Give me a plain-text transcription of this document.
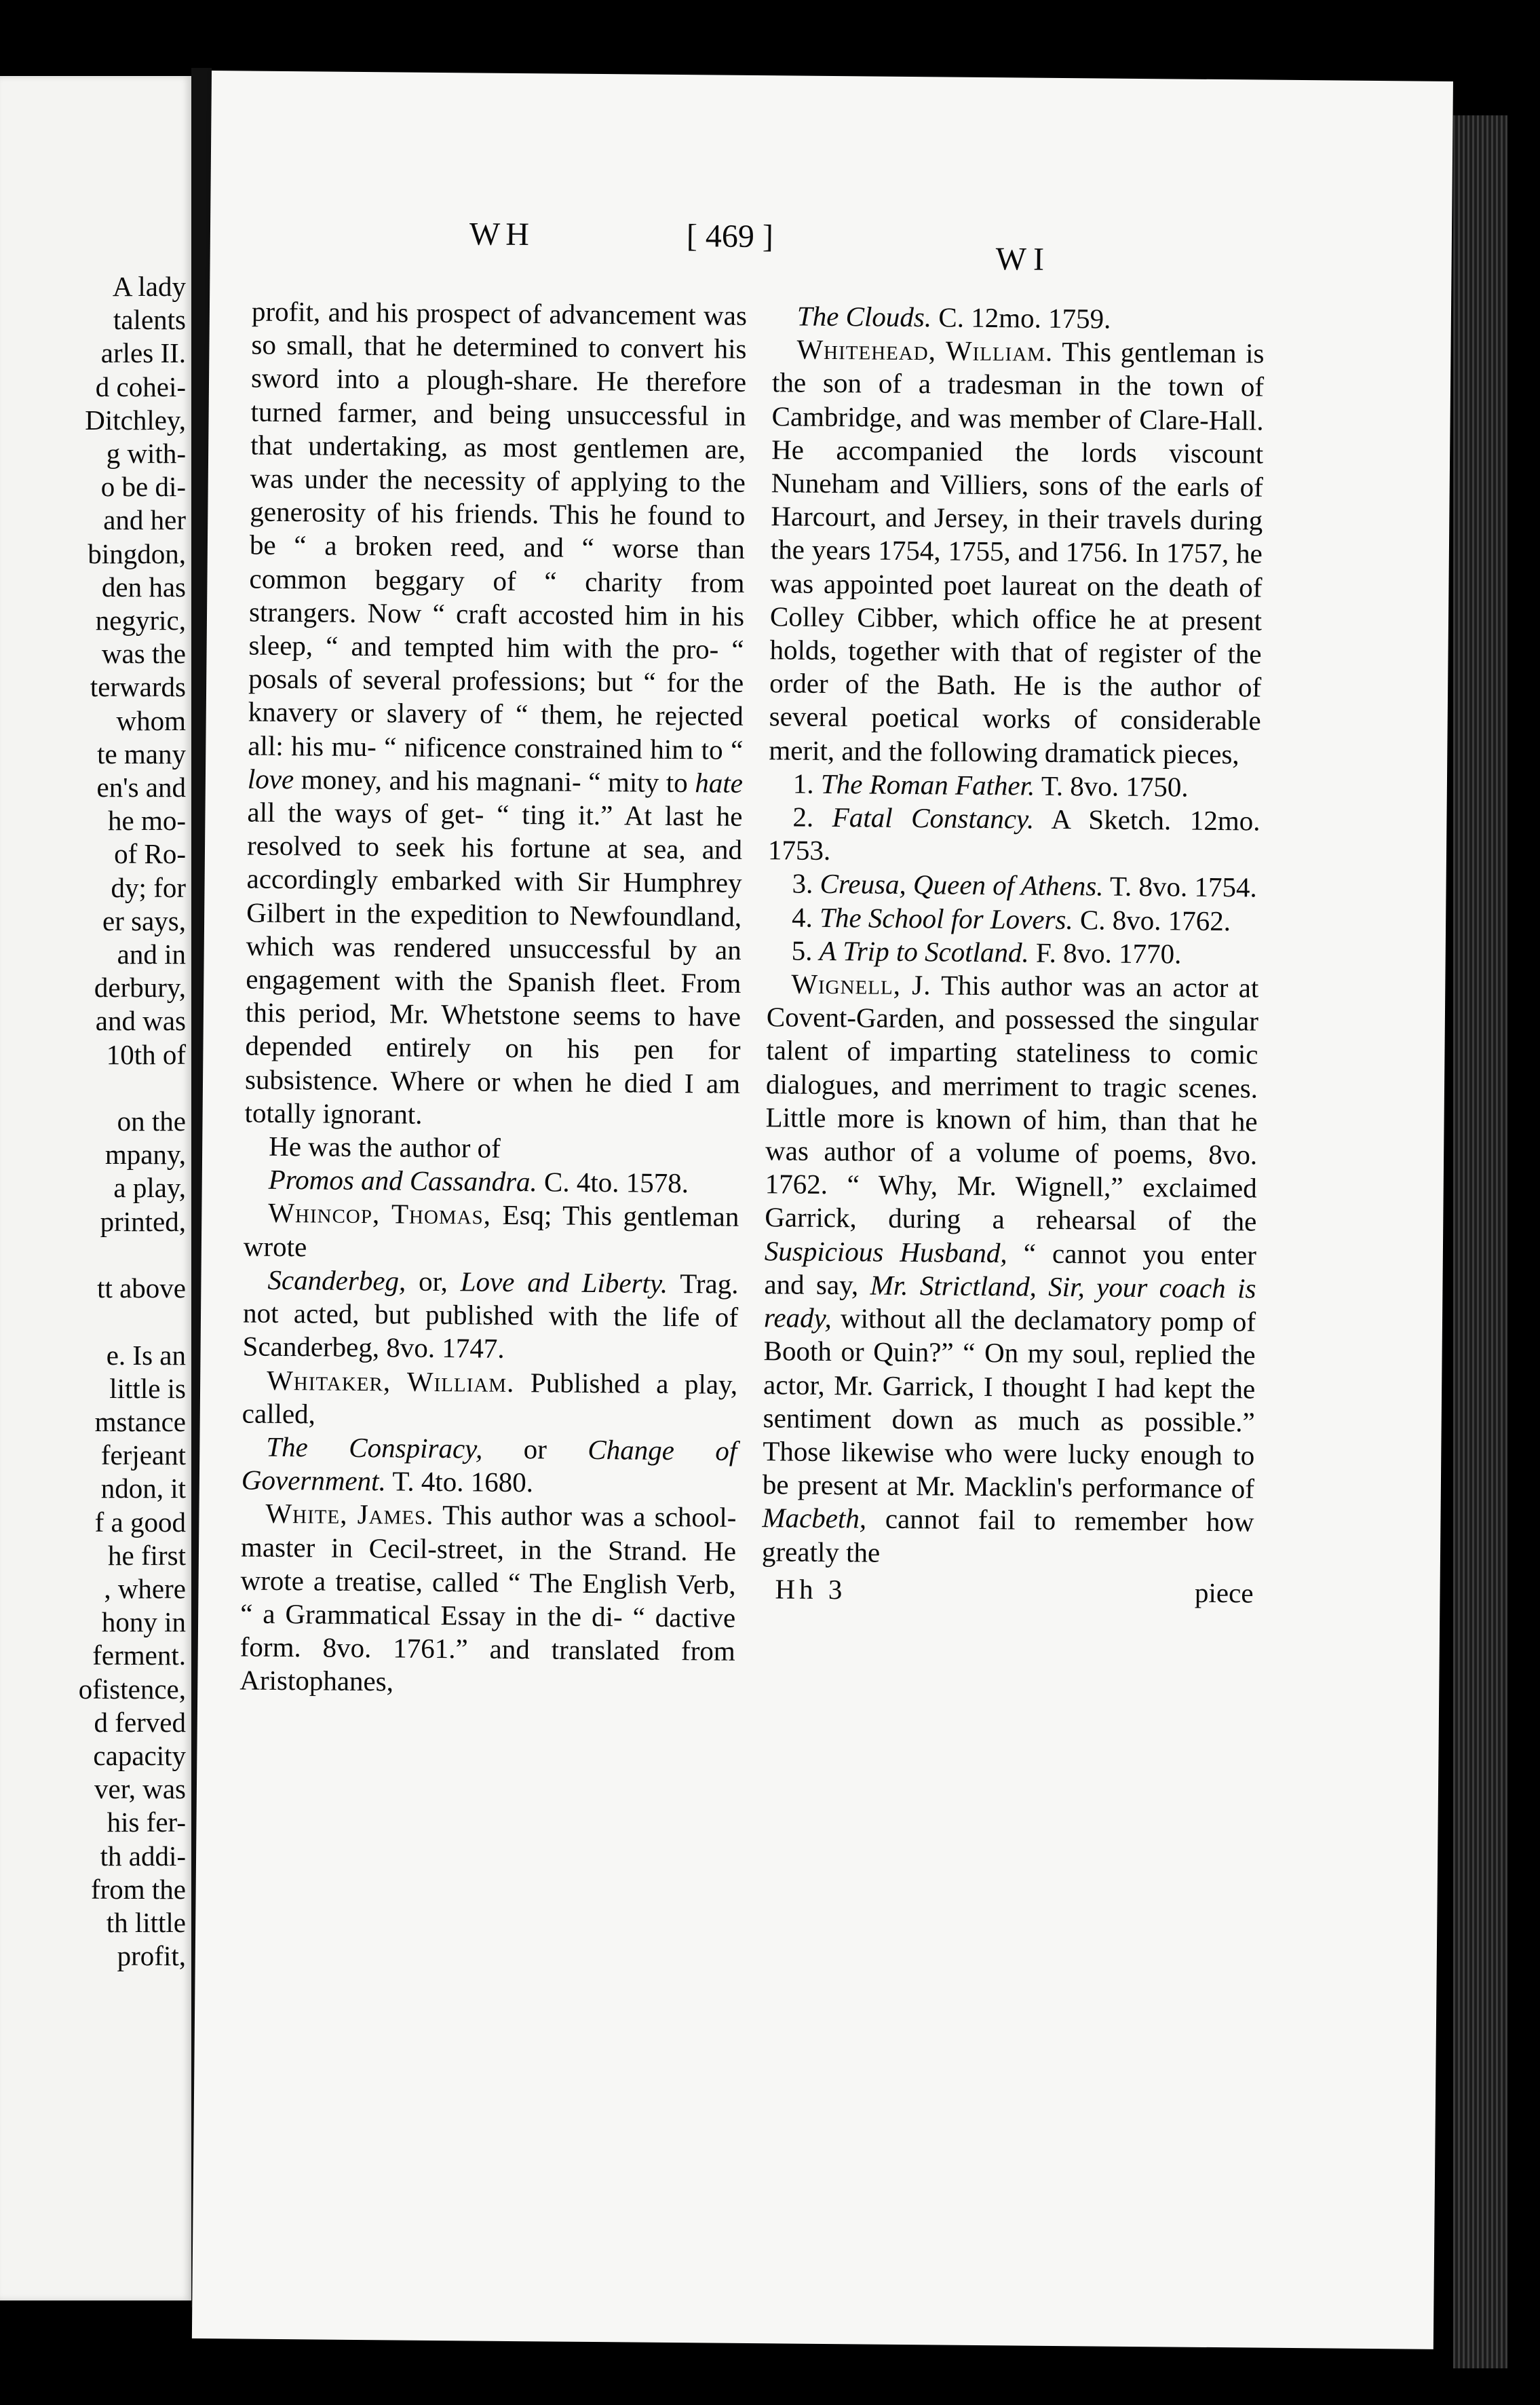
A lady
talents
arles II.
d cohei-
Ditchley,
g with-
o be di-
and her
bingdon,
den has
negyric,
was the
terwards
whom
te many
en's and
he mo-
of Ro-
dy; for
er says,
and in
derbury,
and was
10th of

on the
mpany,
a play,
printed,

tt above

e. Is an
little is
mstance
ferjeant
ndon, it
f a good
he first
, where
hony in
ferment.
ofistence,
d ferved
capacity
ver, was
his fer-
th addi-
from the
th little
profit,
WH	[ 469 ]
WI

profit, and his prospect of advancement was so small, that he determined to convert his sword into a plough-share. He therefore turned farmer, and being unsuccessful in that undertaking, as most gentlemen are, was under the necessity of applying to the generosity of his friends. This he found to be “ a broken reed, and “ worse than common beggary of “ charity from strangers. Now “ craft accosted him in his sleep, “ and tempted him with the pro- “ posals of several professions; but “ for the knavery or slavery of “ them, he rejected all: his mu- “ nificence constrained him to “ love money, and his magnani- “ mity to hate all the ways of get- “ ting it.” At last he resolved to seek his fortune at sea, and accordingly embarked with Sir Humphrey Gilbert in the expedition to Newfoundland, which was rendered unsuccessful by an engagement with the Spanish fleet. From this period, Mr. Whetstone seems to have depended entirely on his pen for subsistence. Where or when he died I am totally ignorant.

He was the author of

Promos and Cassandra. C. 4to. 1578.

Whincop, Thomas, Esq; This gentleman wrote

Scanderbeg, or, Love and Liberty. Trag. not acted, but published with the life of Scanderbeg, 8vo. 1747.

Whitaker, William. Published a play, called,

The Conspiracy, or Change of Government. T. 4to. 1680.

White, James. This author was a school-master in Cecil-street, in the Strand. He wrote a treatise, called “ The English Verb, “ a Grammatical Essay in the di- “ dactive form. 8vo. 1761.” and translated from Aristophanes,

The Clouds. C. 12mo. 1759.

Whitehead, William. This gentleman is the son of a tradesman in the town of Cambridge, and was member of Clare-Hall. He accompanied the lords viscount Nuneham and Villiers, sons of the earls of Harcourt, and Jersey, in their travels during the years 1754, 1755, and 1756. In 1757, he was appointed poet laureat on the death of Colley Cibber, which office he at present holds, together with that of register of the order of the Bath. He is the author of several poetical works of considerable merit, and the following dramatick pieces,

1. The Roman Father. T. 8vo. 1750.

2. Fatal Constancy. A Sketch. 12mo. 1753.

3. Creusa, Queen of Athens. T. 8vo. 1754.

4. The School for Lovers. C. 8vo. 1762.

5. A Trip to Scotland. F. 8vo. 1770.

Wignell, J. This author was an actor at Covent-Garden, and possessed the singular talent of imparting stateliness to comic dialogues, and merriment to tragic scenes. Little more is known of him, than that he was author of a volume of poems, 8vo. 1762. “ Why, Mr. Wignell,” exclaimed Garrick, during a rehearsal of the Suspicious Husband, “ cannot you enter and say, Mr. Strictland, Sir, your coach is ready, without all the declamatory pomp of Booth or Quin?” “ On my soul, replied the actor, Mr. Garrick, I thought I had kept the sentiment down as much as possible.” Those likewise who were lucky enough to be present at Mr. Macklin's performance of Macbeth, cannot fail to remember how greatly the

Hh 3	piece
